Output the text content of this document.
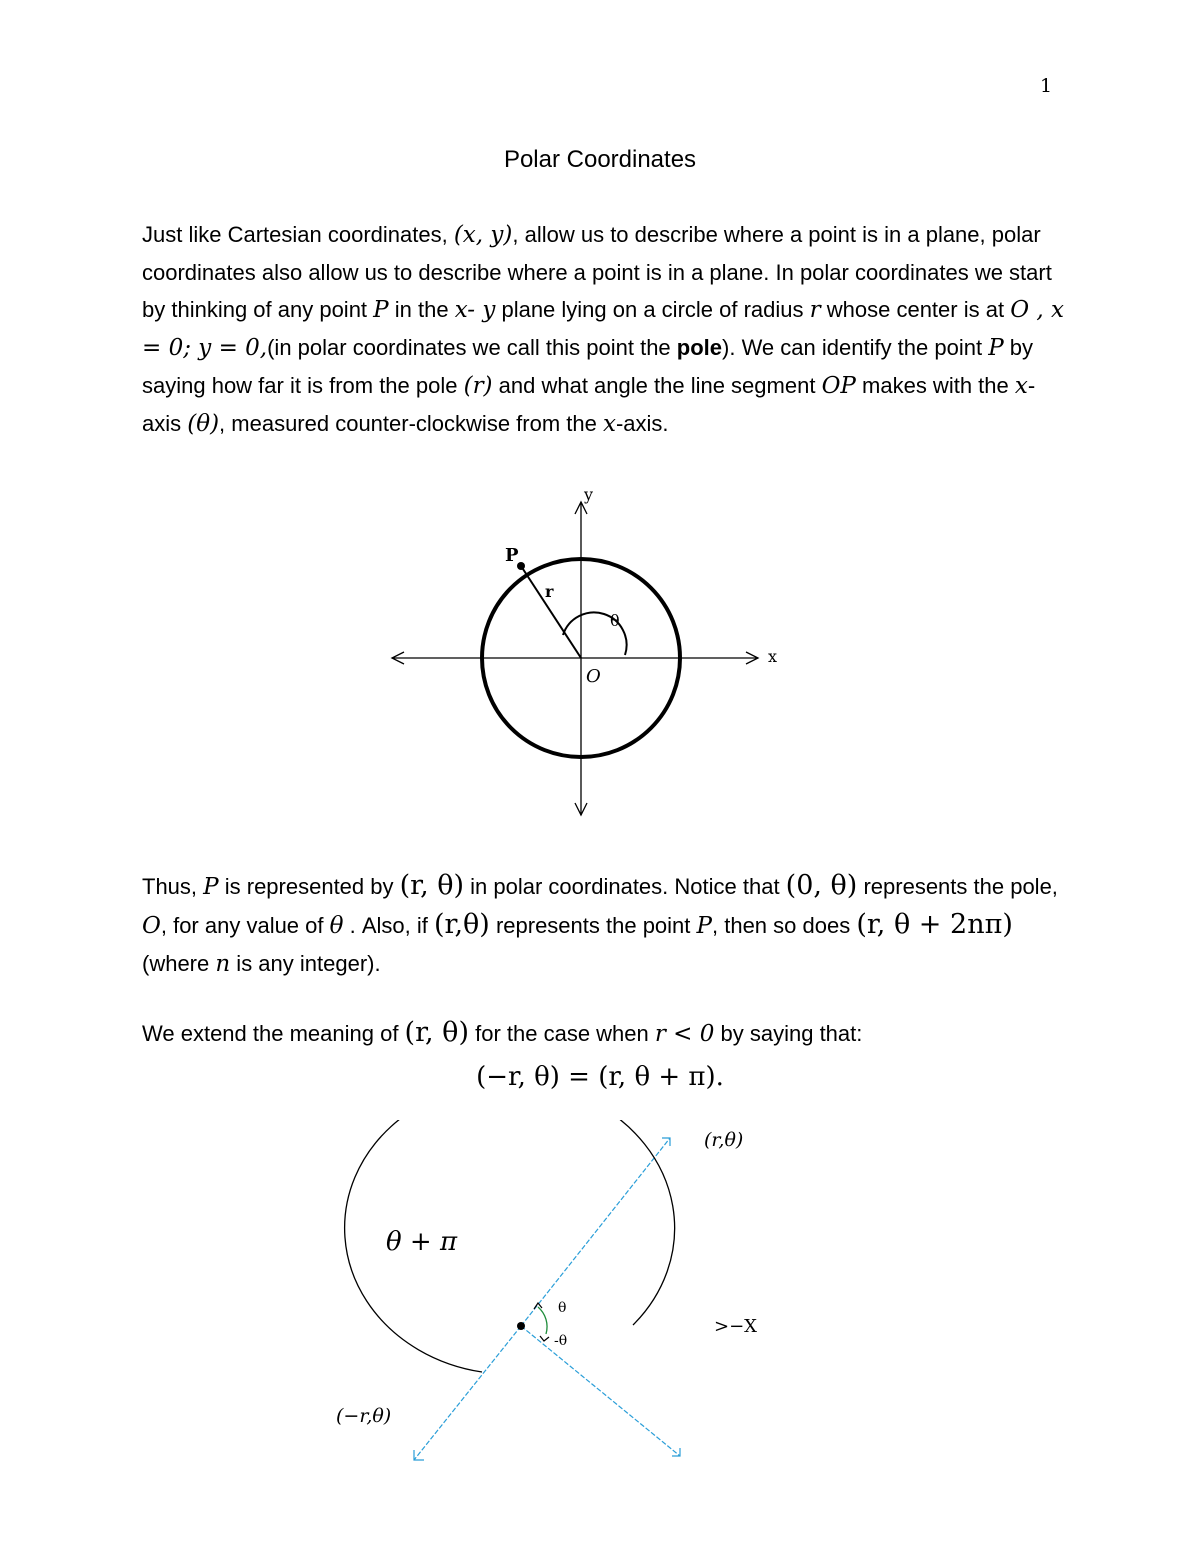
1
Polar Coordinates

Just like Cartesian coordinates, (x, y), allow us to describe where a point is in a plane, polar coordinates also allow us to describe where a point is in a plane. In polar coordinates we start by thinking of any point P in the x- y plane lying on a circle of radius r whose center is at O , x = 0; y = 0,(in polar coordinates we call this point the pole). We can identify the point P by saying how far it is from the pole (r) and what angle the line segment OP makes with the x-axis (θ), measured counter-clockwise from the x-axis.

y
x
P
r
θ
O

Thus, P is represented by (r, θ) in polar coordinates. Notice that (0, θ) represents the pole, O, for any value of θ . Also, if (r,θ) represents the point P, then so does (r, θ + 2nπ) (where n is any integer).

We extend the meaning of (r, θ) for the case when r < 0 by saying that:

(−r, θ) = (r, θ + π).
(r,θ)
θ + π
θ
-θ
>−X
(−r,θ)
